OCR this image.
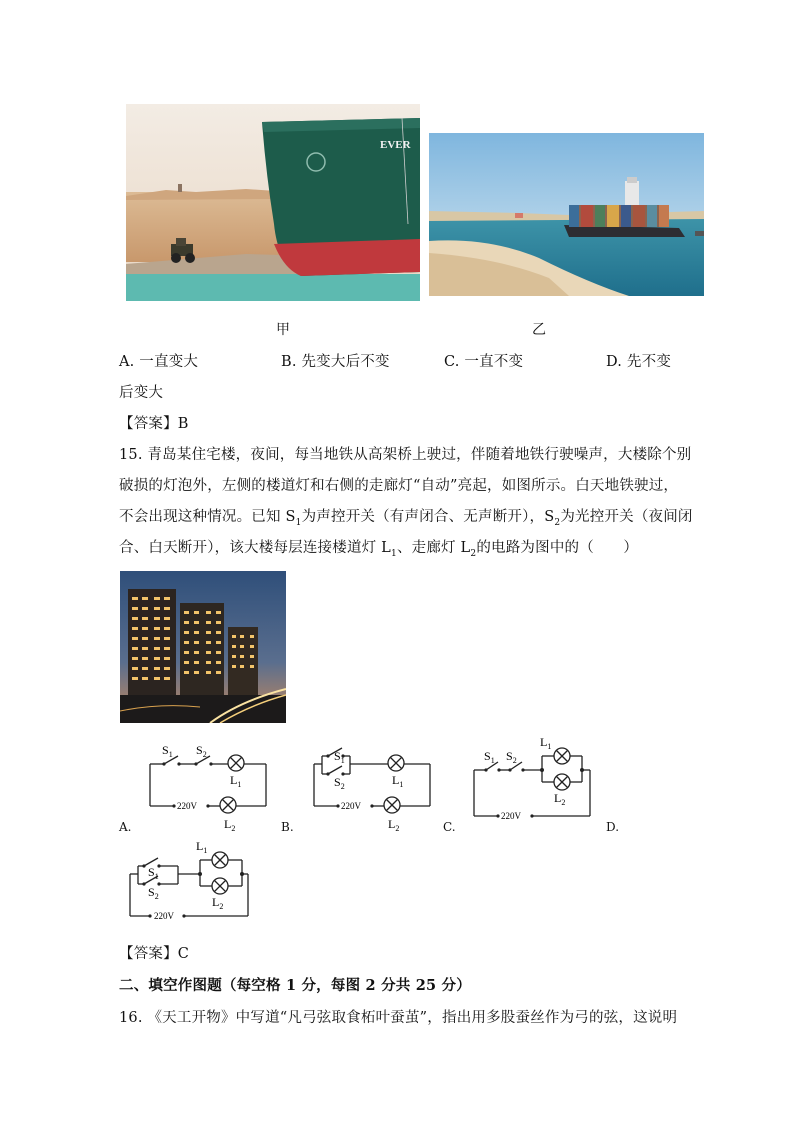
EVER
甲	乙
A. 一直变大	B. 先变大后不变	C. 一直不变	D. 先不变
后变大
【答案】B
15. 青岛某住宅楼，夜间，每当地铁从高架桥上驶过，伴随着地铁行驶噪声，大楼除个别
破损的灯泡外，左侧的楼道灯和右侧的走廊灯“自动”亮起，如图所示。白天地铁驶过，
不会出现这种情况。已知 $S_1$为声控开关（有声闭合、无声断开），$S_2$为光控开关（夜间闭
合、白天断开），该大楼每层连接楼道灯 $L_1$、走廊灯 $L_2$的电路为图中的（　　）
$S_1$ $S_2$
$L_1$
$L_2$
220V
$S_1$
$S_2$	$L_1$
$L_2$
220V
$S_1$ $S_2$
$L_1$
$L_2$
220V
$S_1$
$S_2$
$L_1$
$L_2$
220V
A.	B.	C.	D.
【答案】C
二、填空作图题（每空格 1 分，每图 2 分共 25 分）
16. 《天工开物》中写道“凡弓弦取食柘叶蚕茧”，指出用多股蚕丝作为弓的弦，这说明
